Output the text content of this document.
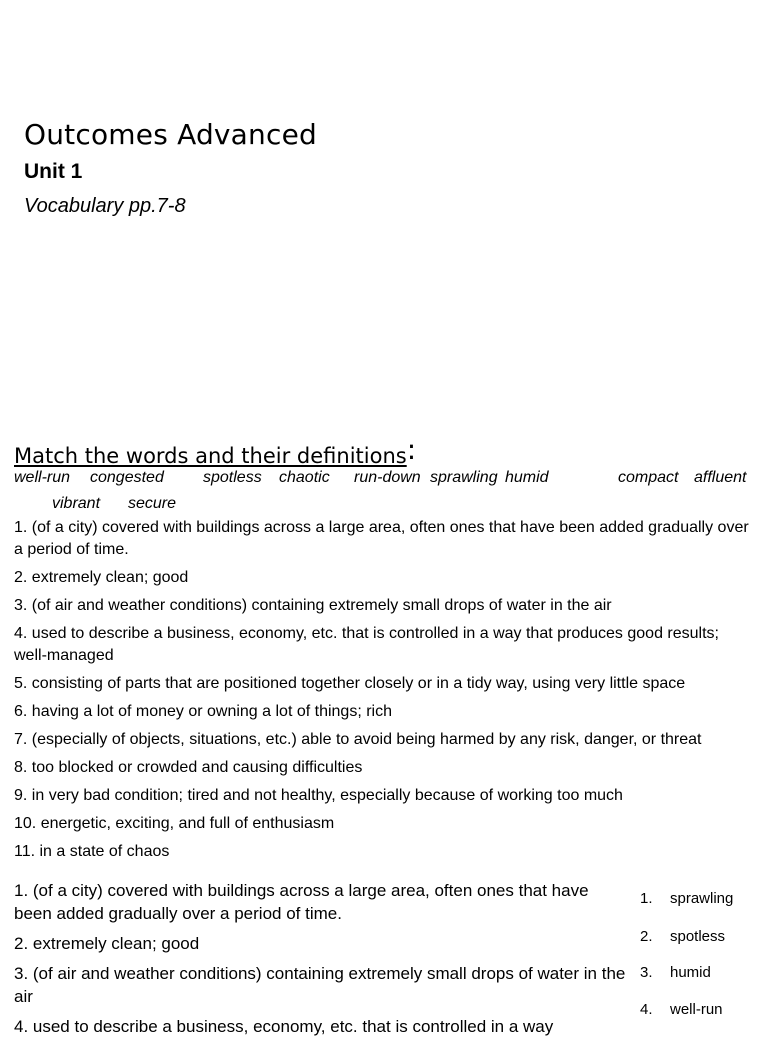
Outcomes Advanced
Unit 1
Vocabulary pp.7-8
Match the words and their definitions:
well-run congested spotless chaotic run-down sprawling humid	compact affluent
vibrant secure
1. (of a city) covered with buildings across a large area, often ones that have been added gradually over a period of time.
2. extremely clean; good
3. (of air and weather conditions) containing extremely small drops of water in the air
4. used to describe a business, economy, etc. that is controlled in a way that produces good results; well-managed
5. consisting of parts that are positioned together closely or in a tidy way, using very little space
6. having a lot of money or owning a lot of things; rich
7. (especially of objects, situations, etc.) able to avoid being harmed by any risk, danger, or threat
8. too blocked or crowded and causing difficulties
9. in very bad condition; tired and not healthy, especially because of working too much
10. energetic, exciting, and full of enthusiasm
11. in a state of chaos
1. (of a city) covered with buildings across a large area, often ones that have been added gradually over a period of time.
2. extremely clean; good
3. (of air and weather conditions) containing extremely small drops of water in the air
4. used to describe a business, economy, etc. that is controlled in a way
1. sprawling
2. spotless
3. humid
4. well-run
